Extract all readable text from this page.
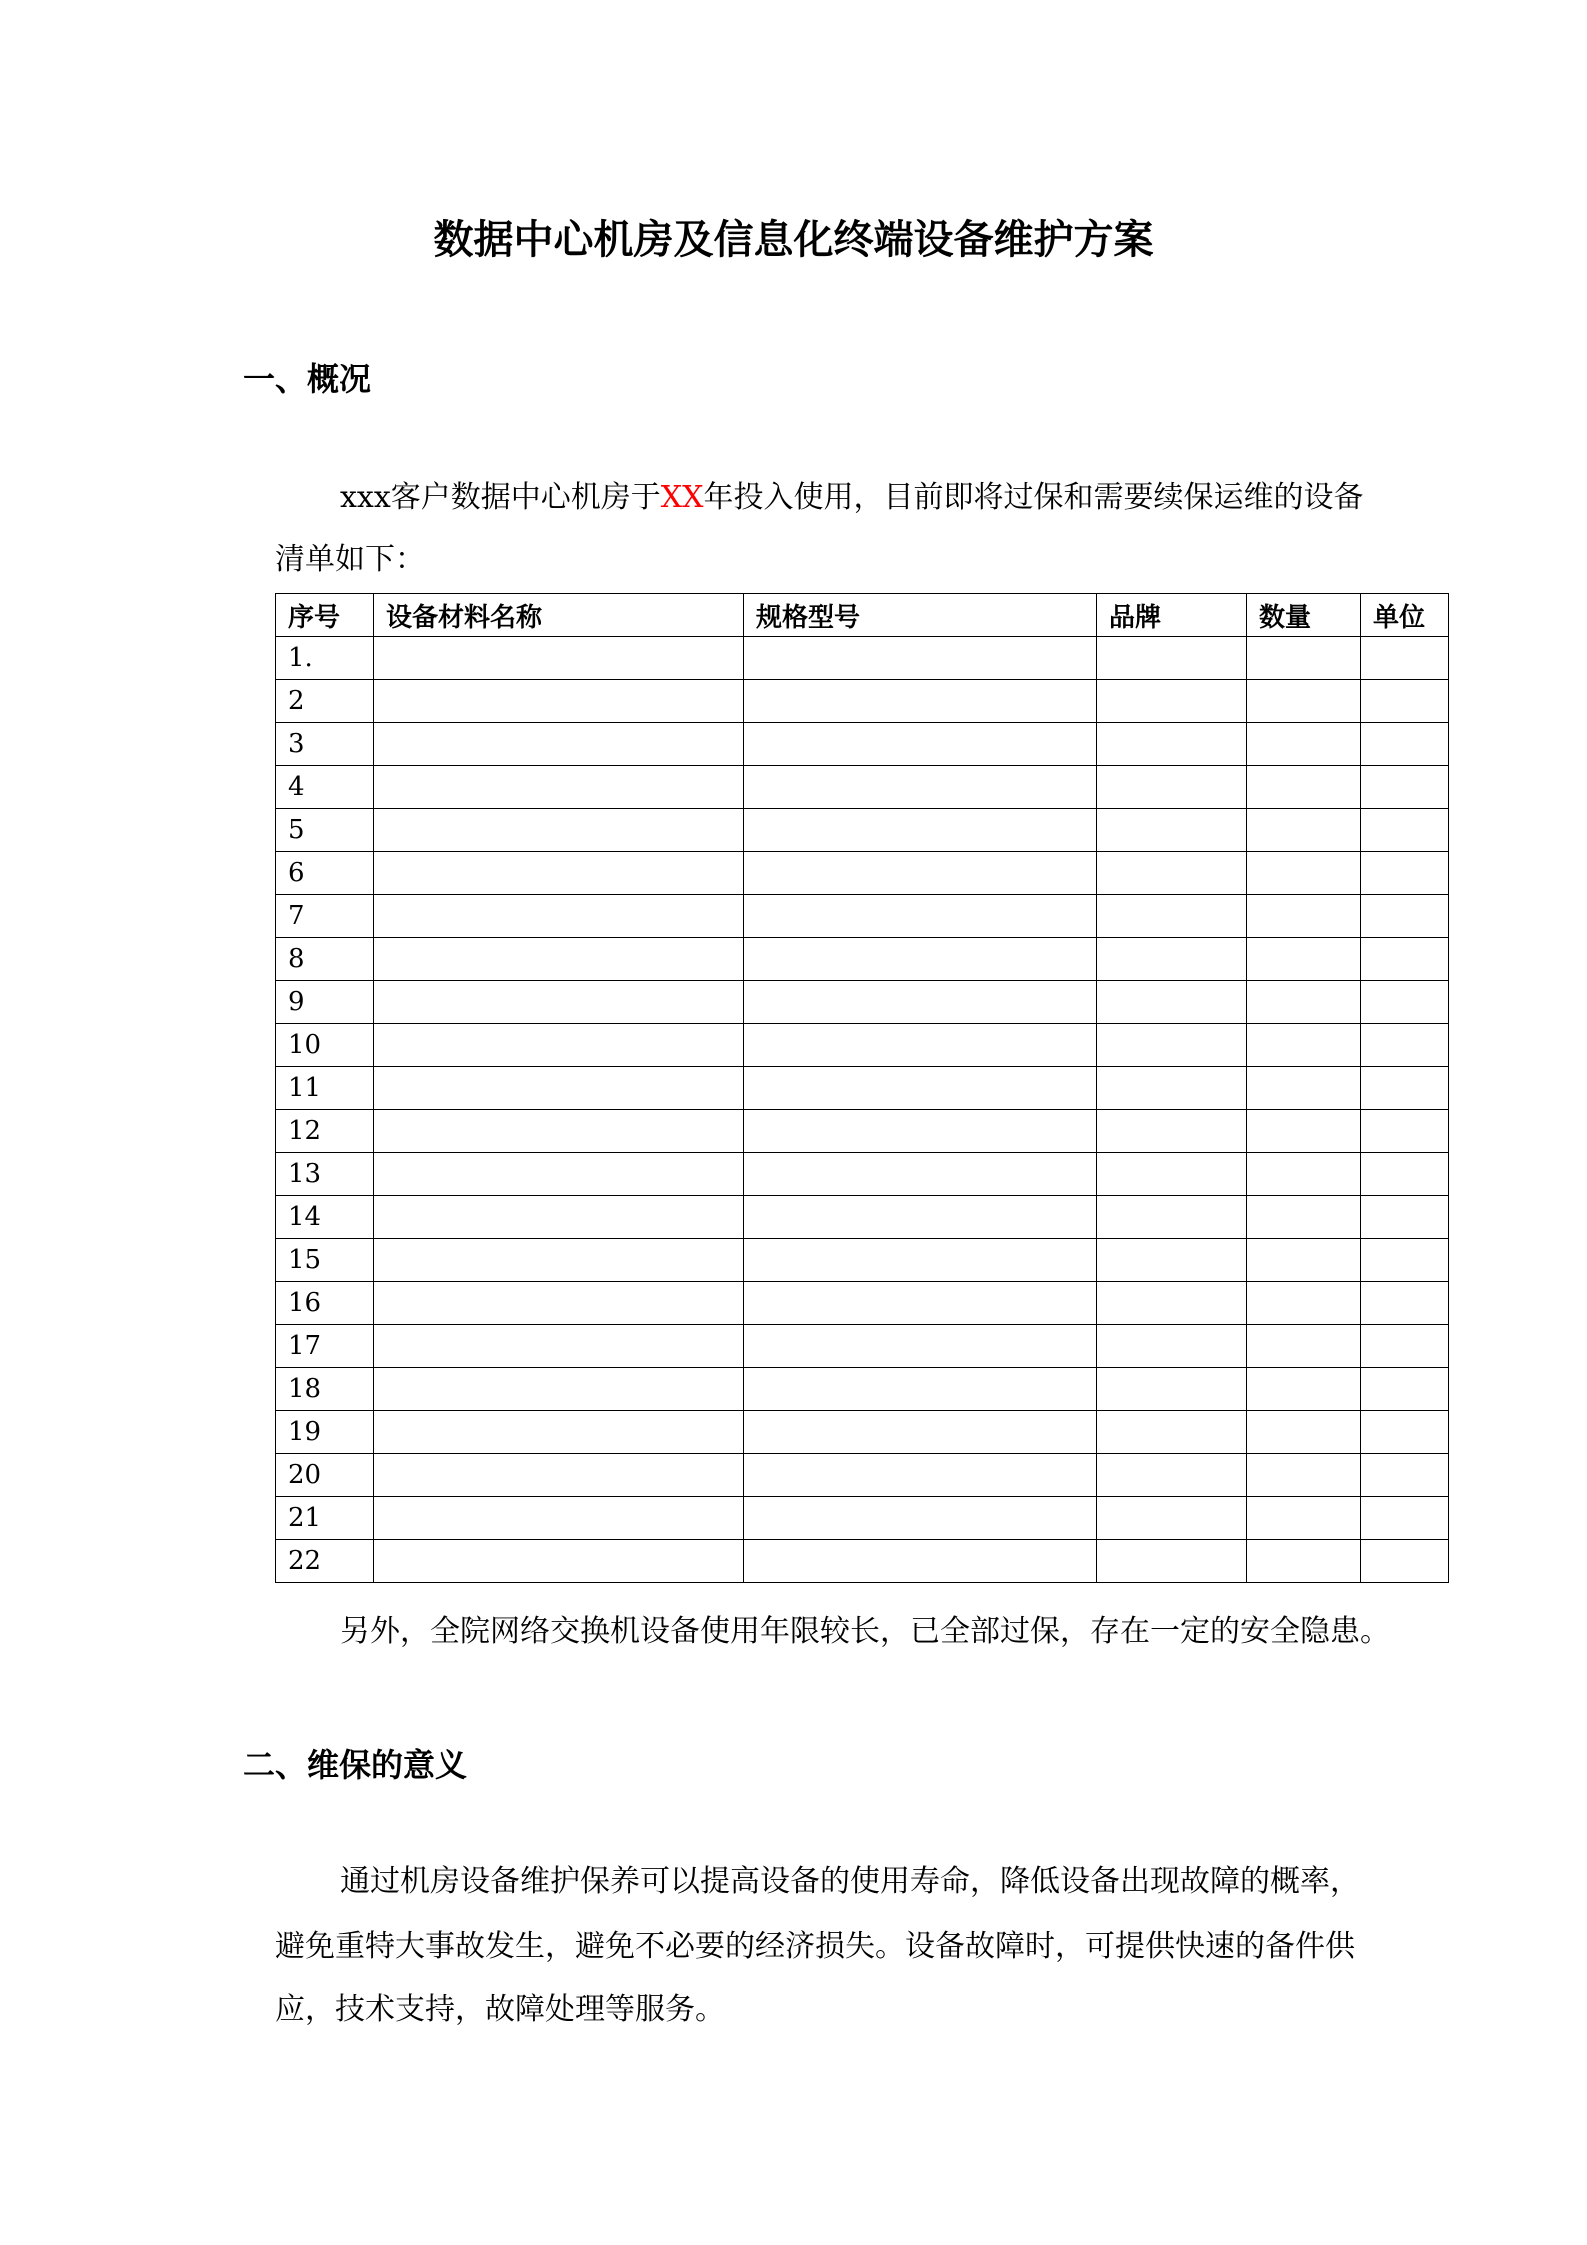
数据中心机房及信息化终端设备维护方案
一、概况
xxx客户数据中心机房于XX年投入使用，目前即将过保和需要续保运维的设备
清单如下：
序号	设备材料名称	规格型号	品牌	数量	单位
1.					
2					
3					
4					
5					
6					
7					
8					
9					
10					
11					
12					
13					
14					
15					
16					
17					
18					
19					
20					
21					
22					
另外，全院网络交换机设备使用年限较长，已全部过保，存在一定的安全隐患。
二、维保的意义
通过机房设备维护保养可以提高设备的使用寿命，降低设备出现故障的概率，
避免重特大事故发生，避免不必要的经济损失。设备故障时，可提供快速的备件供
应，技术支持，故障处理等服务。
